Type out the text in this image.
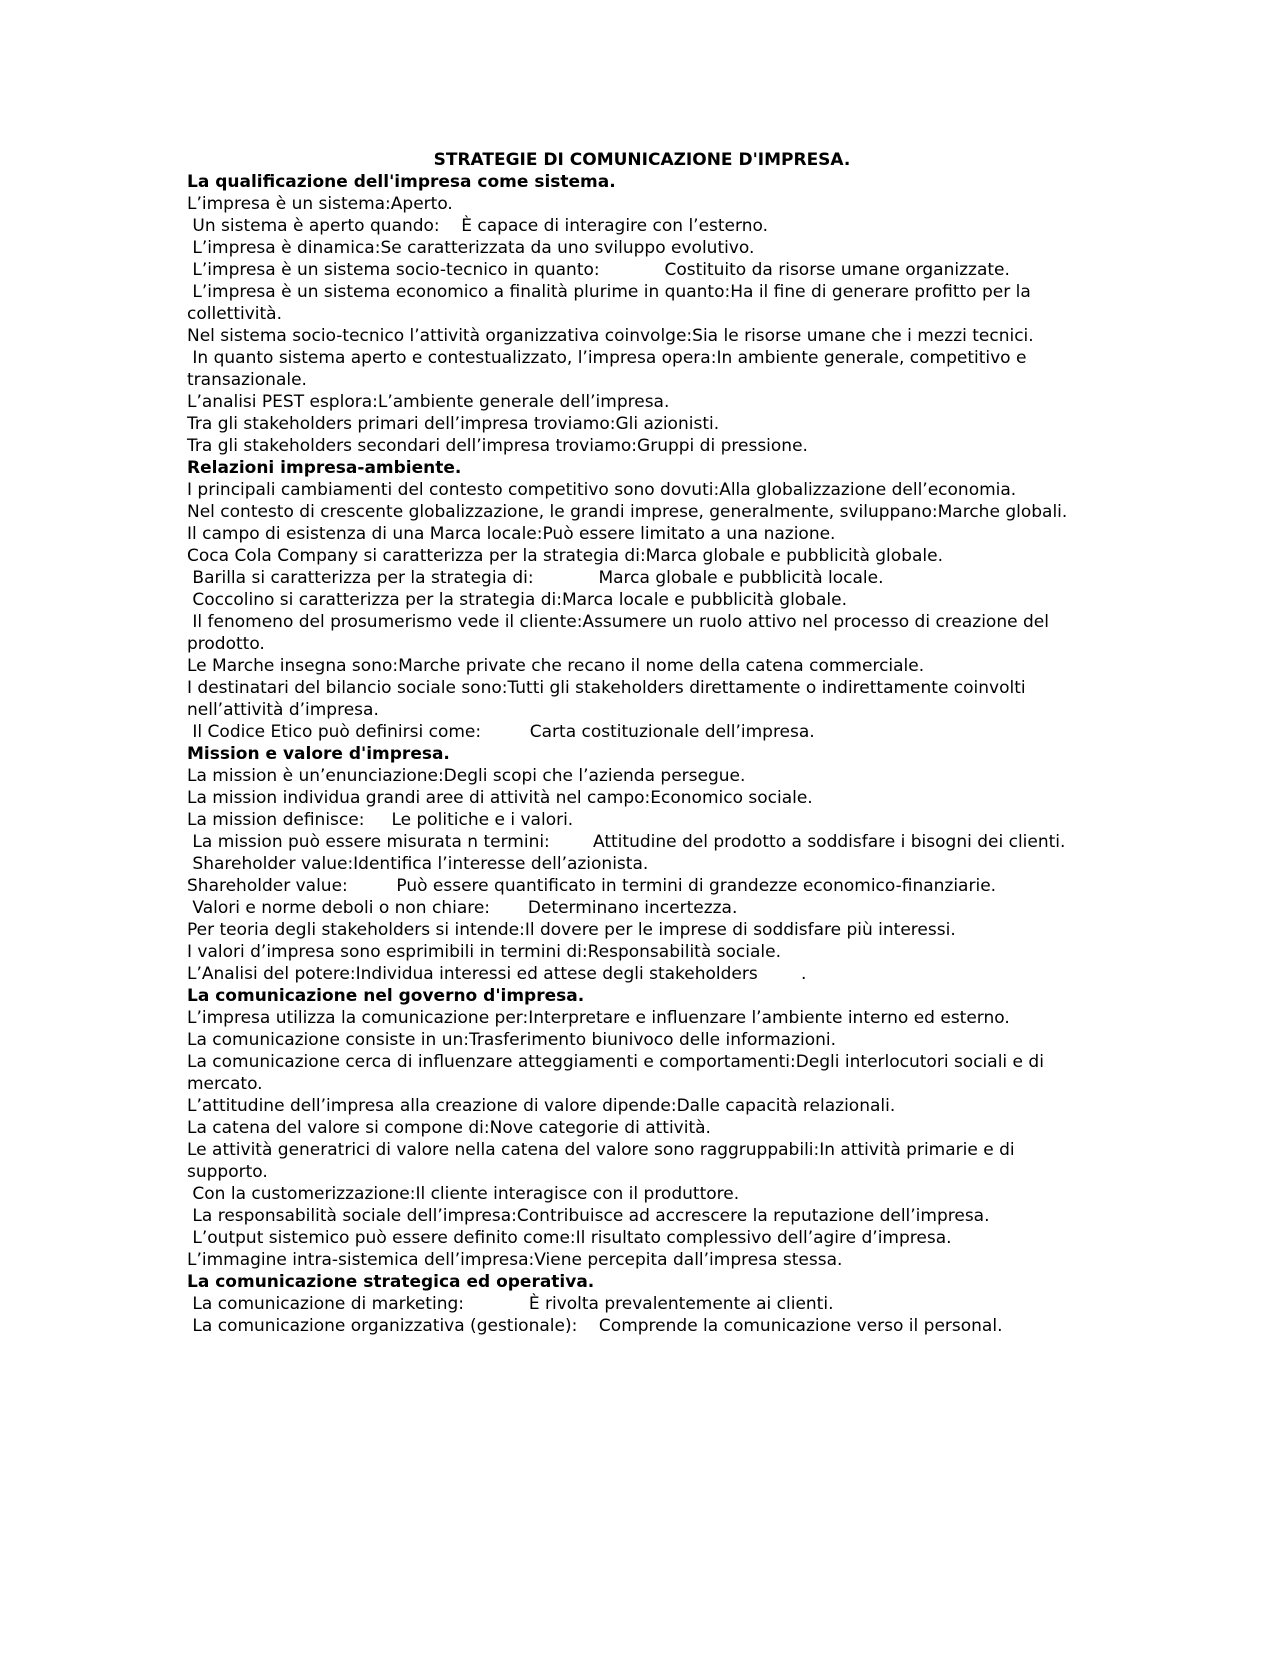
STRATEGIE DI COMUNICAZIONE D'IMPRESA.

La qualificazione dell'impresa come sistema.

L’impresa è un sistema:Aperto.

Un sistema è aperto quando:    È capace di interagire con l’esterno.

L’impresa è dinamica:Se caratterizzata da uno sviluppo evolutivo.

L’impresa è un sistema socio-tecnico in quanto:            Costituito da risorse umane organizzate.

L’impresa è un sistema economico a finalità plurime in quanto:Ha il fine di generare profitto per la collettività.

Nel sistema socio-tecnico l’attività organizzativa coinvolge:Sia le risorse umane che i mezzi tecnici.

In quanto sistema aperto e contestualizzato, l’impresa opera:In ambiente generale, competitivo e transazionale.

L’analisi PEST esplora:L’ambiente generale dell’impresa.

Tra gli stakeholders primari dell’impresa troviamo:Gli azionisti.

Tra gli stakeholders secondari dell’impresa troviamo:Gruppi di pressione.

Relazioni impresa-ambiente.

I principali cambiamenti del contesto competitivo sono dovuti:Alla globalizzazione dell’economia.

Nel contesto di crescente globalizzazione, le grandi imprese, generalmente, sviluppano:Marche globali.

Il campo di esistenza di una Marca locale:Può essere limitato a una nazione.

Coca Cola Company si caratterizza per la strategia di:Marca globale e pubblicità globale.

Barilla si caratterizza per la strategia di:            Marca globale e pubblicità locale.

Coccolino si caratterizza per la strategia di:Marca locale e pubblicità globale.

Il fenomeno del prosumerismo vede il cliente:Assumere un ruolo attivo nel processo di creazione del prodotto.

Le Marche insegna sono:Marche private che recano il nome della catena commerciale.

I destinatari del bilancio sociale sono:Tutti gli stakeholders direttamente o indirettamente coinvolti nell’attività d’impresa.

Il Codice Etico può definirsi come:         Carta costituzionale dell’impresa.

Mission e valore d'impresa.

La mission è un’enunciazione:Degli scopi che l’azienda persegue.

La mission individua grandi aree di attività nel campo:Economico sociale.

La mission definisce:     Le politiche e i valori.

La mission può essere misurata n termini:        Attitudine del prodotto a soddisfare i bisogni dei clienti.

Shareholder value:Identifica l’interesse dell’azionista.

Shareholder value:         Può essere quantificato in termini di grandezze economico-finanziarie.

Valori e norme deboli o non chiare:       Determinano incertezza.

Per teoria degli stakeholders si intende:Il dovere per le imprese di soddisfare più interessi.

I valori d’impresa sono esprimibili in termini di:Responsabilità sociale.

L’Analisi del potere:Individua interessi ed attese degli stakeholders        .

La comunicazione nel governo d'impresa.

L’impresa utilizza la comunicazione per:Interpretare e influenzare l’ambiente interno ed esterno.

La comunicazione consiste in un:Trasferimento biunivoco delle informazioni.

La comunicazione cerca di influenzare atteggiamenti e comportamenti:Degli interlocutori sociali e di mercato.

L’attitudine dell’impresa alla creazione di valore dipende:Dalle capacità relazionali.

La catena del valore si compone di:Nove categorie di attività.

Le attività generatrici di valore nella catena del valore sono raggruppabili:In attività primarie e di supporto.

Con la customerizzazione:Il cliente interagisce con il produttore.

La responsabilità sociale dell’impresa:Contribuisce ad accrescere la reputazione dell’impresa.

L’output sistemico può essere definito come:Il risultato complessivo dell’agire d’impresa.

L’immagine intra-sistemica dell’impresa:Viene percepita dall’impresa stessa.

La comunicazione strategica ed operativa.

La comunicazione di marketing:            È rivolta prevalentemente ai clienti.

La comunicazione organizzativa (gestionale):    Comprende la comunicazione verso il personal.
